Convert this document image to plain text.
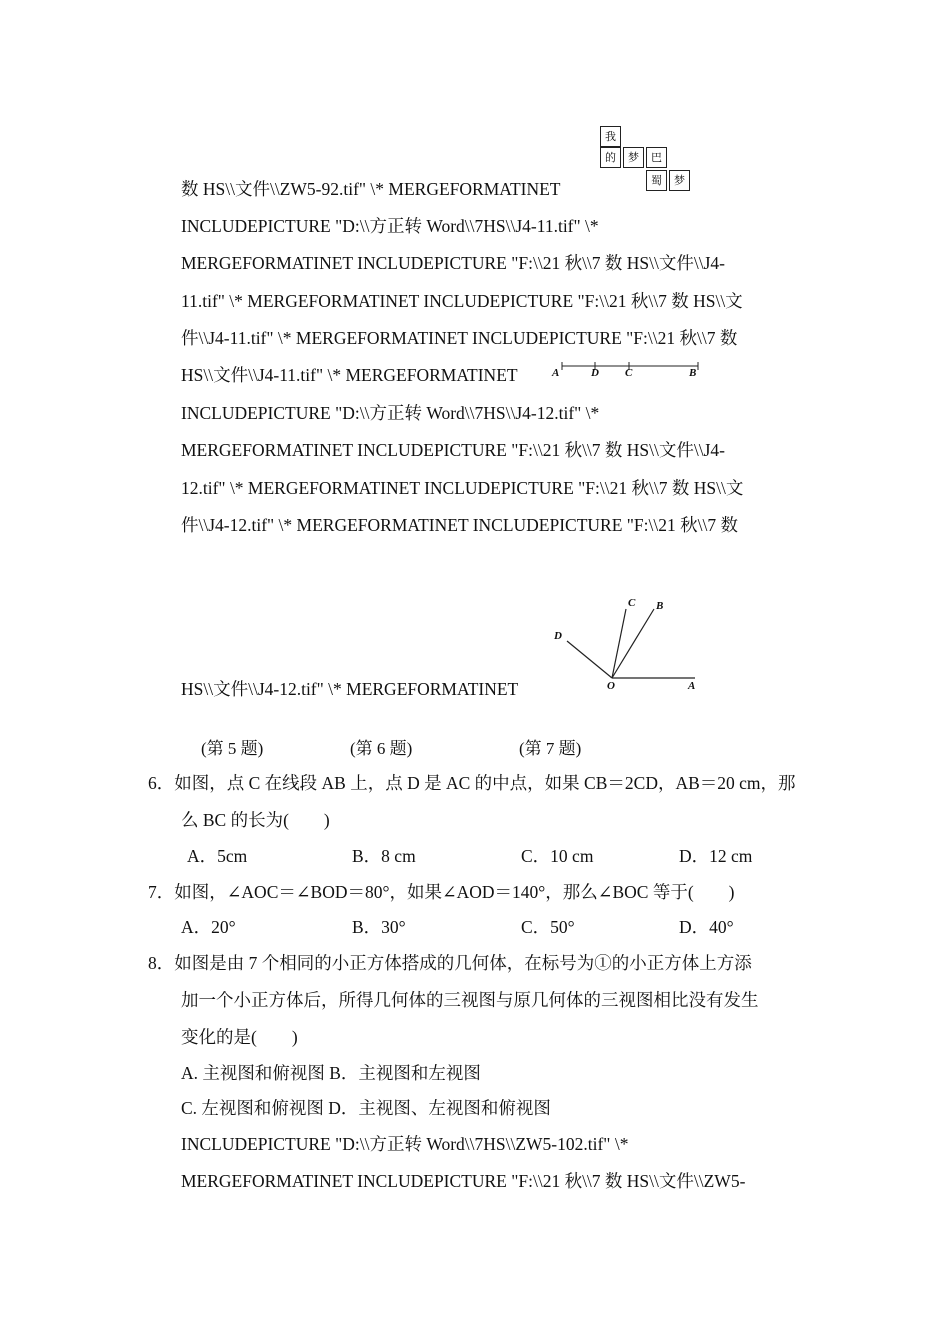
我
的	梦	巴
蜀	梦
数 HS\\文件\\ZW5-92.tif" \* MERGEFORMATINET
INCLUDEPICTURE "D:\\方正转 Word\\7HS\\J4-11.tif" \*
MERGEFORMATINET INCLUDEPICTURE "F:\\21 秋\\7 数 HS\\文件\\J4-
11.tif" \* MERGEFORMATINET INCLUDEPICTURE "F:\\21 秋\\7 数 HS\\文
件\\J4-11.tif" \* MERGEFORMATINET INCLUDEPICTURE "F:\\21 秋\\7 数
HS\\文件\\J4-11.tif" \* MERGEFORMATINET	A	D C	B
INCLUDEPICTURE "D:\\方正转 Word\\7HS\\J4-12.tif" \*
MERGEFORMATINET INCLUDEPICTURE "F:\\21 秋\\7 数 HS\\文件\\J4-
12.tif" \* MERGEFORMATINET INCLUDEPICTURE "F:\\21 秋\\7 数 HS\\文
件\\J4-12.tif" \* MERGEFORMATINET INCLUDEPICTURE "F:\\21 秋\\7 数
C B
D
O	A
HS\\文件\\J4-12.tif" \* MERGEFORMATINET
(第 5 题)	(第 6 题)	(第 7 题)
6．如图，点 C 在线段 AB 上，点 D 是 AC 的中点，如果 CB＝2CD，AB＝20 cm，那
么 BC 的长为(　　)
A．5cm	B．8 cm	C．10 cm	D．12 cm
7．如图，∠AOC＝∠BOD＝80°，如果∠AOD＝140°，那么∠BOC 等于(　　)
A．20°	B．30°	C．50°	D．40°
8．如图是由 7 个相同的小正方体搭成的几何体，在标号为①的小正方体上方添
加一个小正方体后，所得几何体的三视图与原几何体的三视图相比没有发生
变化的是(　　)
A. 主视图和俯视图 B．主视图和左视图
C. 左视图和俯视图 D．主视图、左视图和俯视图
INCLUDEPICTURE "D:\\方正转 Word\\7HS\\ZW5-102.tif" \*
MERGEFORMATINET INCLUDEPICTURE "F:\\21 秋\\7 数 HS\\文件\\ZW5-
